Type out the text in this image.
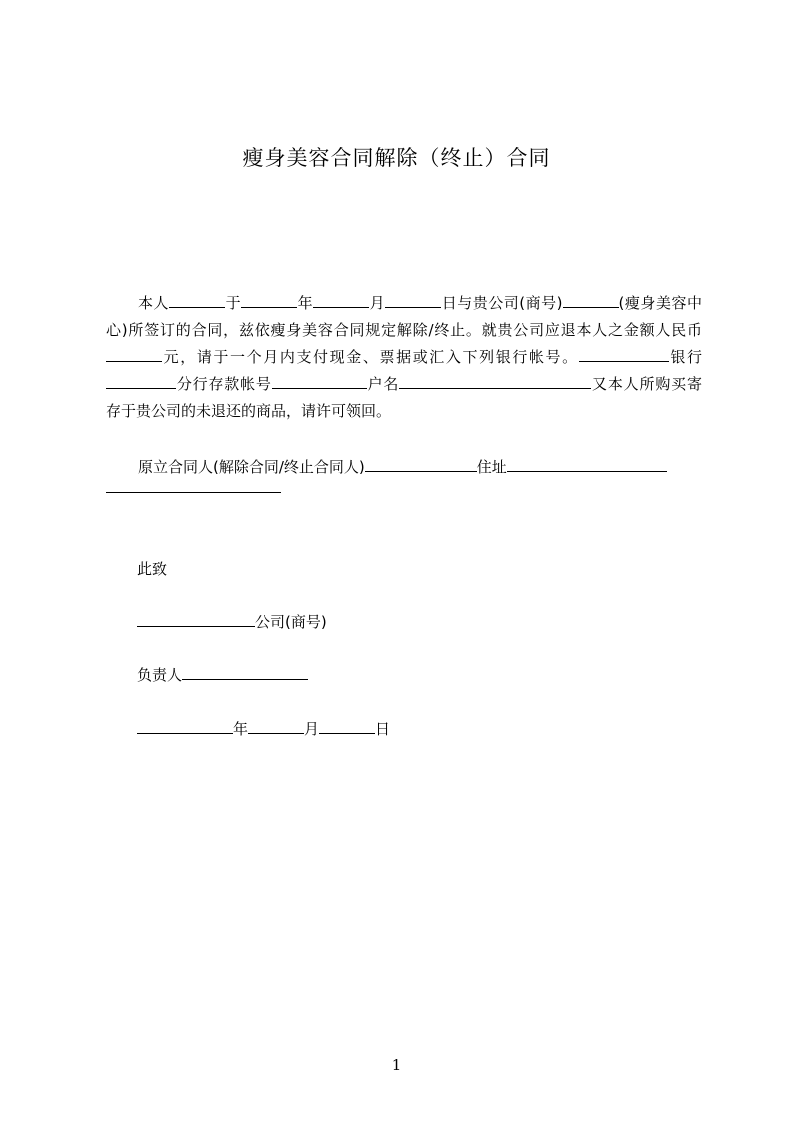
瘦身美容合同解除（终止）合同

本人	于	年	月	日与贵公司(商号)	(瘦身美容中心)所签订的合同，兹依瘦身美容合同规定解除/终止。就贵公司应退本人之金额人民币元，请于一个月内支付现金、票据或汇入下列银行帐号。	银行分行存款帐号	户名	又本人所购买寄存于贵公司的未退还的商品，请许可领回。

原立合同人(解除合同/终止合同人)	住址
此致
公司(商号)
负责人
年	月	日
1
